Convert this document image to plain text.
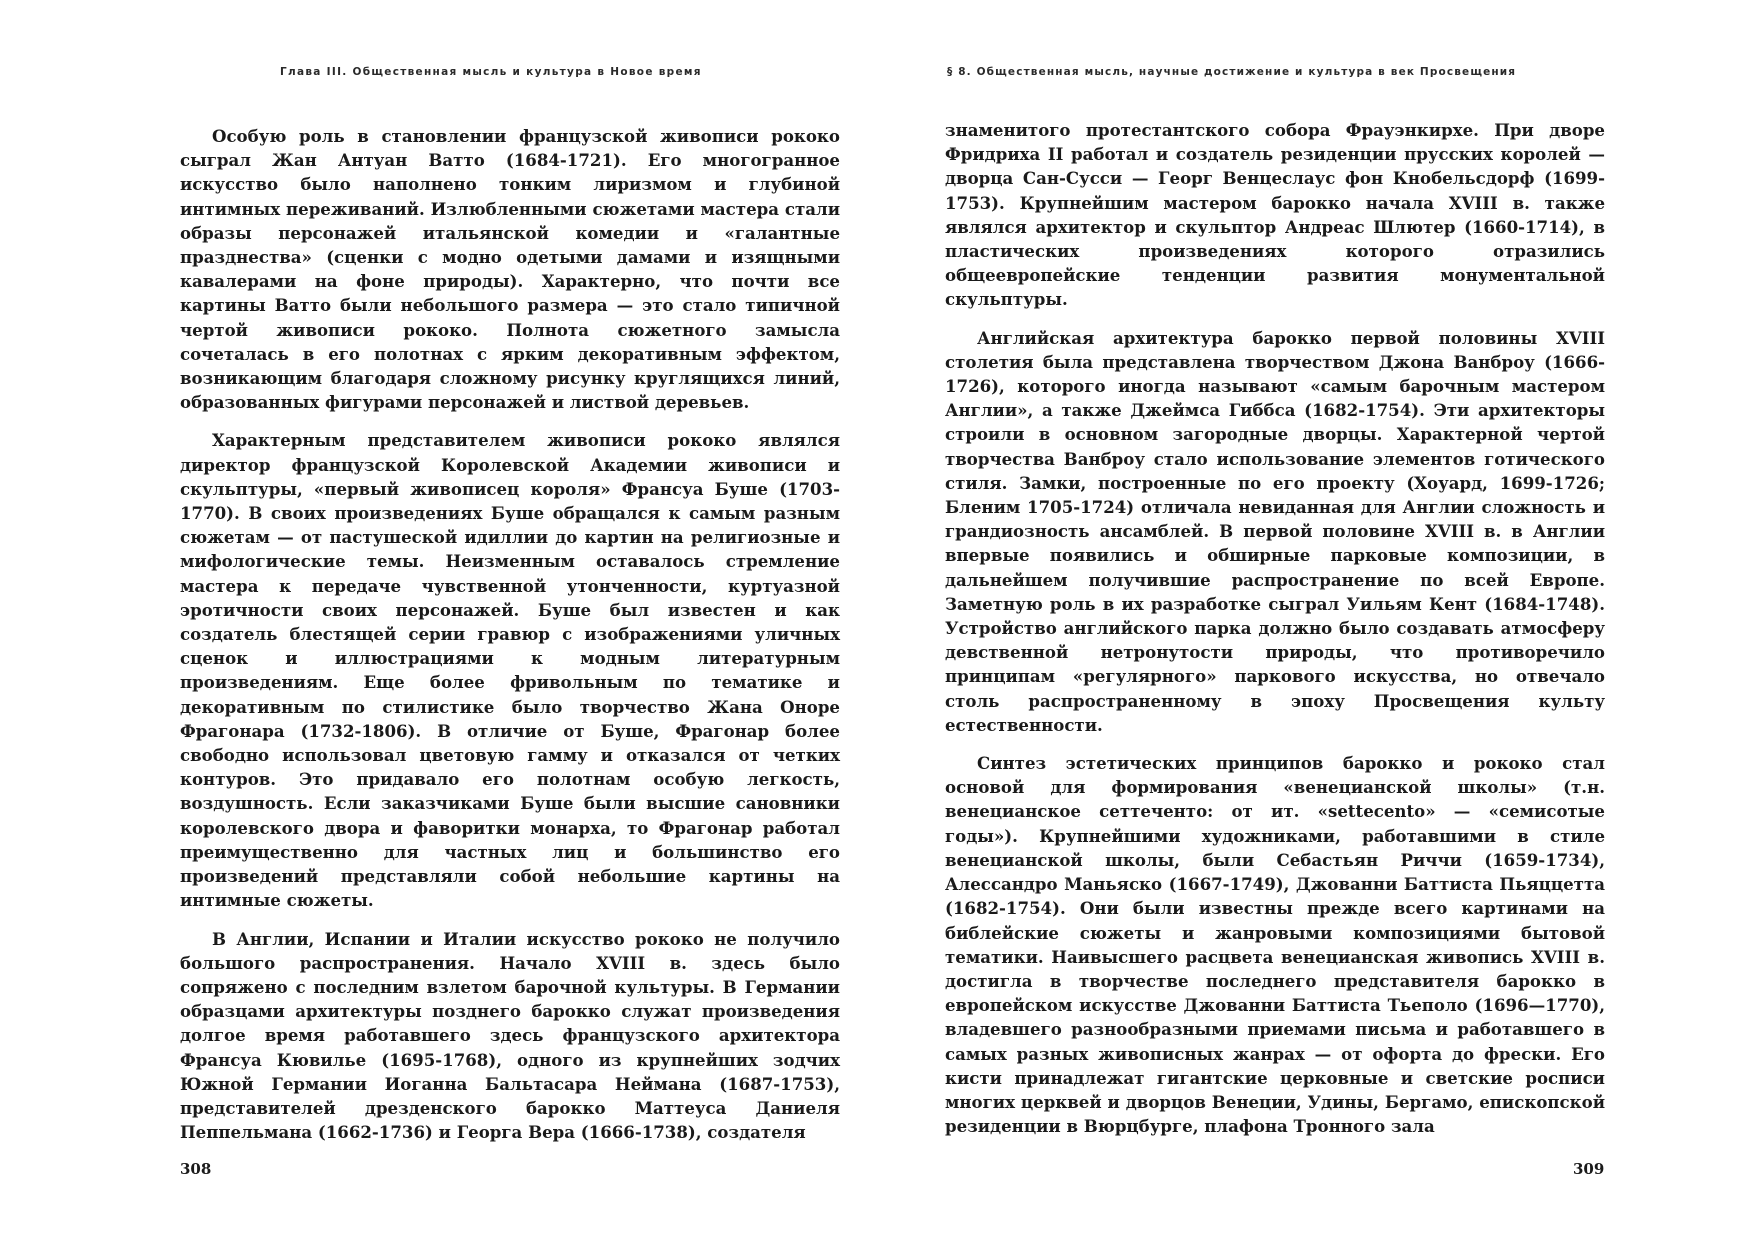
Глава III. Общественная мысль и культура в Новое время

Особую роль в становлении французской живописи рококо сыграл Жан Антуан Ватто (1684-1721). Его многогранное искусство было наполнено тонким лиризмом и глубиной интимных переживаний. Излюбленными сюжетами мастера стали образы персонажей итальянской комедии и «галантные празднества» (сценки с модно одетыми дамами и изящными кавалерами на фоне природы). Характерно, что почти все картины Ватто были небольшого размера — это стало типичной чертой живописи рококо. Полнота сюжетного замысла сочеталась в его полотнах с ярким декоративным эффектом, возникающим благодаря сложному рисунку круглящихся линий, образованных фигурами персонажей и листвой деревьев.

Характерным представителем живописи рококо являлся директор французской Королевской Академии живописи и скульптуры, «первый живописец короля» Франсуа Буше (1703-1770). В своих произведениях Буше обращался к самым разным сюжетам — от пастушеской идиллии до картин на религиозные и мифологические темы. Неизменным оставалось стремление мастера к передаче чувственной утонченности, куртуазной эротичности своих персонажей. Буше был известен и как создатель блестящей серии гравюр с изображениями уличных сценок и иллюстрациями к модным литературным произведениям. Еще более фривольным по тематике и декоративным по стилистике было творчество Жана Оноре Фрагонара (1732-1806). В отличие от Буше, Фрагонар более свободно использовал цветовую гамму и отказался от четких контуров. Это придавало его полотнам особую легкость, воздушность. Если заказчиками Буше были высшие сановники королевского двора и фаворитки монарха, то Фрагонар работал преимущественно для частных лиц и большинство его произведений представляли собой небольшие картины на интимные сюжеты.

В Англии, Испании и Италии искусство рококо не получило большого распространения. Начало XVIII в. здесь было сопряжено с последним взлетом барочной культуры. В Германии образцами архитектуры позднего барокко служат произведения долгое время работавшего здесь французского архитектора Франсуа Кювилье (1695-1768), одного из крупнейших зодчих Южной Германии Иоганна Бальтасара Неймана (1687-1753), представителей дрезденского барокко Маттеуса Даниеля Пеппельмана (1662-1736) и Георга Вера (1666-1738), создателя

308
§ 8. Общественная мысль, научные достижение и культура в век Просвещения

знаменитого протестантского собора Фрауэнкирхе. При дворе Фридриха II работал и создатель резиденции прусских королей — дворца Сан-Сусси — Георг Венцеслаус фон Кнобельсдорф (1699-1753). Крупнейшим мастером барокко начала XVIII в. также являлся архитектор и скульптор Андреас Шлютер (1660-1714), в пластических произведениях которого отразились общеевропейские тенденции развития монументальной скульптуры.

Английская архитектура барокко первой половины XVIII столетия была представлена творчеством Джона Ванброу (1666-1726), которого иногда называют «самым барочным мастером Англии», а также Джеймса Гиббса (1682-1754). Эти архитекторы строили в основном загородные дворцы. Характерной чертой творчества Ванброу стало использование элементов готического стиля. Замки, построенные по его проекту (Хоуард, 1699-1726; Бленим 1705-1724) отличала невиданная для Англии сложность и грандиозность ансамблей. В первой половине XVIII в. в Англии впервые появились и обширные парковые композиции, в дальнейшем получившие распространение по всей Европе. Заметную роль в их разработке сыграл Уильям Кент (1684-1748). Устройство английского парка должно было создавать атмосферу девственной нетронутости природы, что противоречило принципам «регулярного» паркового искусства, но отвечало столь распространенному в эпоху Просвещения культу естественности.

Синтез эстетических принципов барокко и рококо стал основой для формирования «венецианской школы» (т.н. венецианское сеттеченто: от ит. «settecento» — «семисотые годы»). Крупнейшими художниками, работавшими в стиле венецианской школы, были Себастьян Риччи (1659-1734), Алессандро Маньяско (1667-1749), Джованни Баттиста Пьяццетта (1682-1754). Они были известны прежде всего картинами на библейские сюжеты и жанровыми композициями бытовой тематики. Наивысшего расцвета венецианская живопись XVIII в. достигла в творчестве последнего представителя барокко в европейском искусстве Джованни Баттиста Тьеполо (1696—1770), владевшего разнообразными приемами письма и работавшего в самых разных живописных жанрах — от офорта до фрески. Его кисти принадлежат гигантские церковные и светские росписи многих церквей и дворцов Венеции, Удины, Бергамо, епископской резиденции в Вюрцбурге, плафона Тронного зала

309
